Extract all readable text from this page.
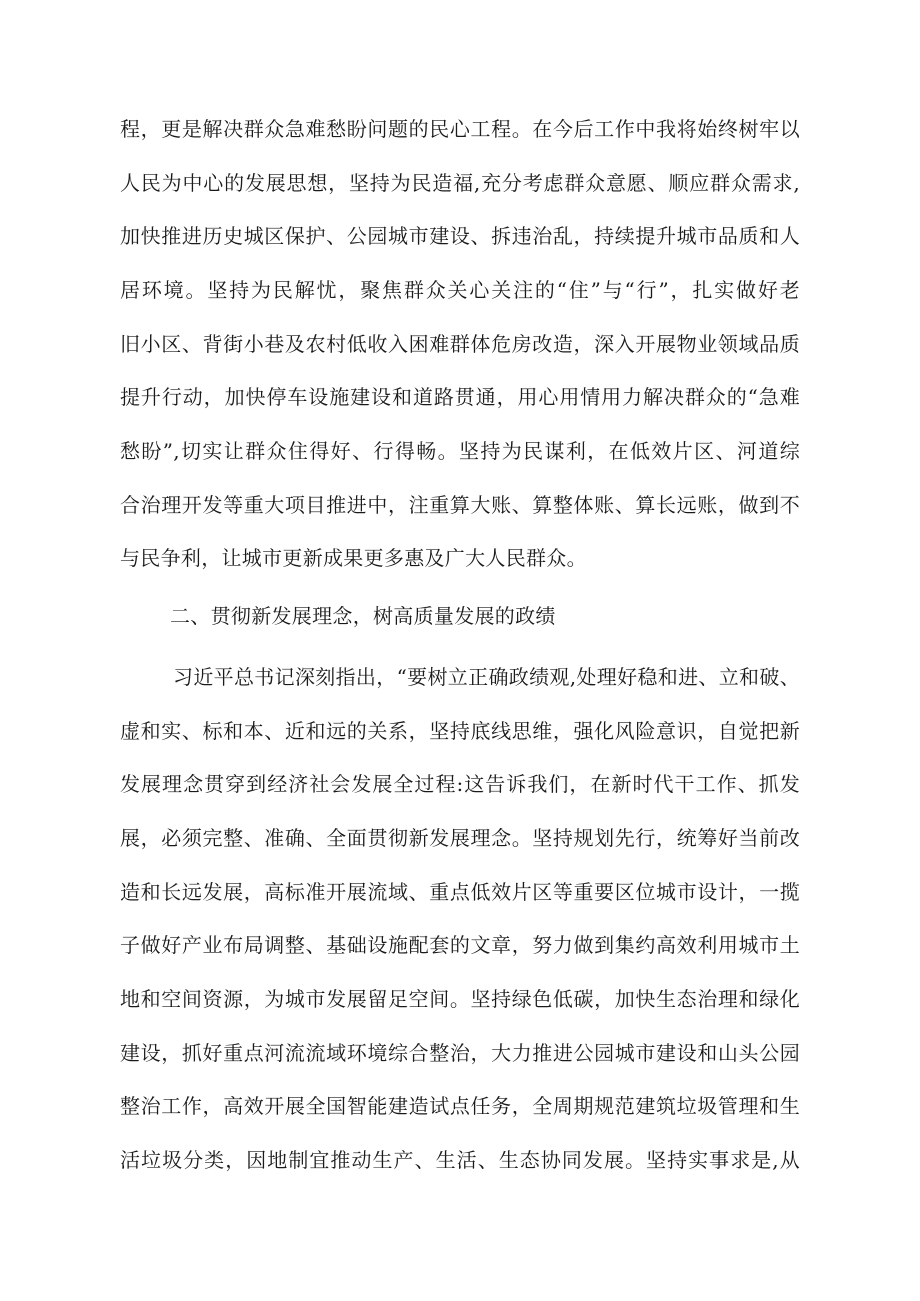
程，更是解决群众急难愁盼问题的民心工程。在今后工作中我将始终树牢以
人民为中心的发展思想，坚持为民造福,充分考虑群众意愿、顺应群众需求,
加快推进历史城区保护、公园城市建设、拆违治乱，持续提升城市品质和人
居环境。坚持为民解忧，聚焦群众关心关注的“住”与“行”，扎实做好老
旧小区、背街小巷及农村低收入困难群体危房改造，深入开展物业领域品质
提升行动，加快停车设施建设和道路贯通，用心用情用力解决群众的“急难
愁盼”,切实让群众住得好、行得畅。坚持为民谋利，在低效片区、河道综
合治理开发等重大项目推进中，注重算大账、算整体账、算长远账，做到不
与民争利，让城市更新成果更多惠及广大人民群众。
二、贯彻新发展理念，树高质量发展的政绩
习近平总书记深刻指出，“要树立正确政绩观,处理好稳和进、立和破、
虚和实、标和本、近和远的关系，坚持底线思维，强化风险意识，自觉把新
发展理念贯穿到经济社会发展全过程:这告诉我们，在新时代干工作、抓发
展，必须完整、准确、全面贯彻新发展理念。坚持规划先行，统筹好当前改
造和长远发展，高标准开展流域、重点低效片区等重要区位城市设计，一揽
子做好产业布局调整、基础设施配套的文章，努力做到集约高效利用城市土
地和空间资源，为城市发展留足空间。坚持绿色低碳，加快生态治理和绿化
建设，抓好重点河流流域环境综合整治，大力推进公园城市建设和山头公园
整治工作，高效开展全国智能建造试点任务，全周期规范建筑垃圾管理和生
活垃圾分类，因地制宜推动生产、生活、生态协同发展。坚持实事求是,从
